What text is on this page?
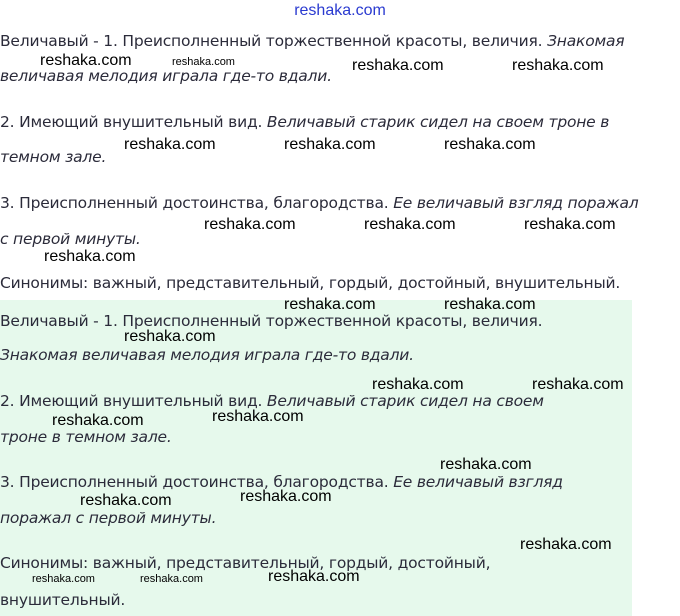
reshaka.com

Величавый - 1. Преисполненный торжественной красоты, величия. Знакомая

величавая мелодия играла где-то вдали.

2. Имеющий внушительный вид. Величавый старик сидел на своем троне в

темном зале.

3. Преисполненный достоинства, благородства. Ее величавый взгляд поражал

с первой минуты.

Синонимы: важный, представительный, гордый, достойный, внушительный.

Величавый - 1. Преисполненный торжественной красоты, величия.

Знакомая величавая мелодия играла где-то вдали.

2. Имеющий внушительный вид. Величавый старик сидел на своем

троне в темном зале.

3. Преисполненный достоинства, благородства. Ее величавый взгляд

поражал с первой минуты.

Синонимы: важный, представительный, гордый, достойный,

внушительный.

reshaka.com	reshaka.com	reshaka.com	reshaka.com
reshaka.com	reshaka.com	reshaka.com
reshaka.com	reshaka.com	reshaka.com
reshaka.com
reshaka.com	reshaka.com
reshaka.com
reshaka.com	reshaka.com
reshaka.com
reshaka.com
reshaka.com
reshaka.com
reshaka.com
reshaka.com
reshaka.com	reshaka.com	reshaka.com
